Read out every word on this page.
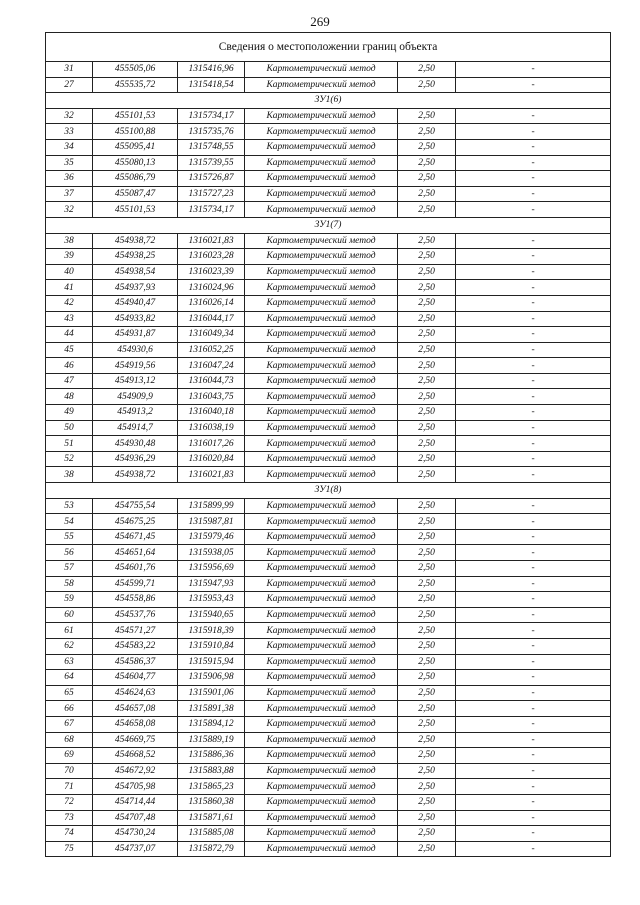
269
Сведения о местоположении границ объекта					
31	455505,06	1315416,96	Картометрический метод	2,50	-
27	455535,72	1315418,54	Картометрический метод	2,50	-
ЗУ1(6)					
32	455101,53	1315734,17	Картометрический метод	2,50	-
33	455100,88	1315735,76	Картометрический метод	2,50	-
34	455095,41	1315748,55	Картометрический метод	2,50	-
35	455080,13	1315739,55	Картометрический метод	2,50	-
36	455086,79	1315726,87	Картометрический метод	2,50	-
37	455087,47	1315727,23	Картометрический метод	2,50	-
32	455101,53	1315734,17	Картометрический метод	2,50	-
ЗУ1(7)					
38	454938,72	1316021,83	Картометрический метод	2,50	-
39	454938,25	1316023,28	Картометрический метод	2,50	-
40	454938,54	1316023,39	Картометрический метод	2,50	-
41	454937,93	1316024,96	Картометрический метод	2,50	-
42	454940,47	1316026,14	Картометрический метод	2,50	-
43	454933,82	1316044,17	Картометрический метод	2,50	-
44	454931,87	1316049,34	Картометрический метод	2,50	-
45	454930,6	1316052,25	Картометрический метод	2,50	-
46	454919,56	1316047,24	Картометрический метод	2,50	-
47	454913,12	1316044,73	Картометрический метод	2,50	-
48	454909,9	1316043,75	Картометрический метод	2,50	-
49	454913,2	1316040,18	Картометрический метод	2,50	-
50	454914,7	1316038,19	Картометрический метод	2,50	-
51	454930,48	1316017,26	Картометрический метод	2,50	-
52	454936,29	1316020,84	Картометрический метод	2,50	-
38	454938,72	1316021,83	Картометрический метод	2,50	-
ЗУ1(8)					
53	454755,54	1315899,99	Картометрический метод	2,50	-
54	454675,25	1315987,81	Картометрический метод	2,50	-
55	454671,45	1315979,46	Картометрический метод	2,50	-
56	454651,64	1315938,05	Картометрический метод	2,50	-
57	454601,76	1315956,69	Картометрический метод	2,50	-
58	454599,71	1315947,93	Картометрический метод	2,50	-
59	454558,86	1315953,43	Картометрический метод	2,50	-
60	454537,76	1315940,65	Картометрический метод	2,50	-
61	454571,27	1315918,39	Картометрический метод	2,50	-
62	454583,22	1315910,84	Картометрический метод	2,50	-
63	454586,37	1315915,94	Картометрический метод	2,50	-
64	454604,77	1315906,98	Картометрический метод	2,50	-
65	454624,63	1315901,06	Картометрический метод	2,50	-
66	454657,08	1315891,38	Картометрический метод	2,50	-
67	454658,08	1315894,12	Картометрический метод	2,50	-
68	454669,75	1315889,19	Картометрический метод	2,50	-
69	454668,52	1315886,36	Картометрический метод	2,50	-
70	454672,92	1315883,88	Картометрический метод	2,50	-
71	454705,98	1315865,23	Картометрический метод	2,50	-
72	454714,44	1315860,38	Картометрический метод	2,50	-
73	454707,48	1315871,61	Картометрический метод	2,50	-
74	454730,24	1315885,08	Картометрический метод	2,50	-
75	454737,07	1315872,79	Картометрический метод	2,50	-
